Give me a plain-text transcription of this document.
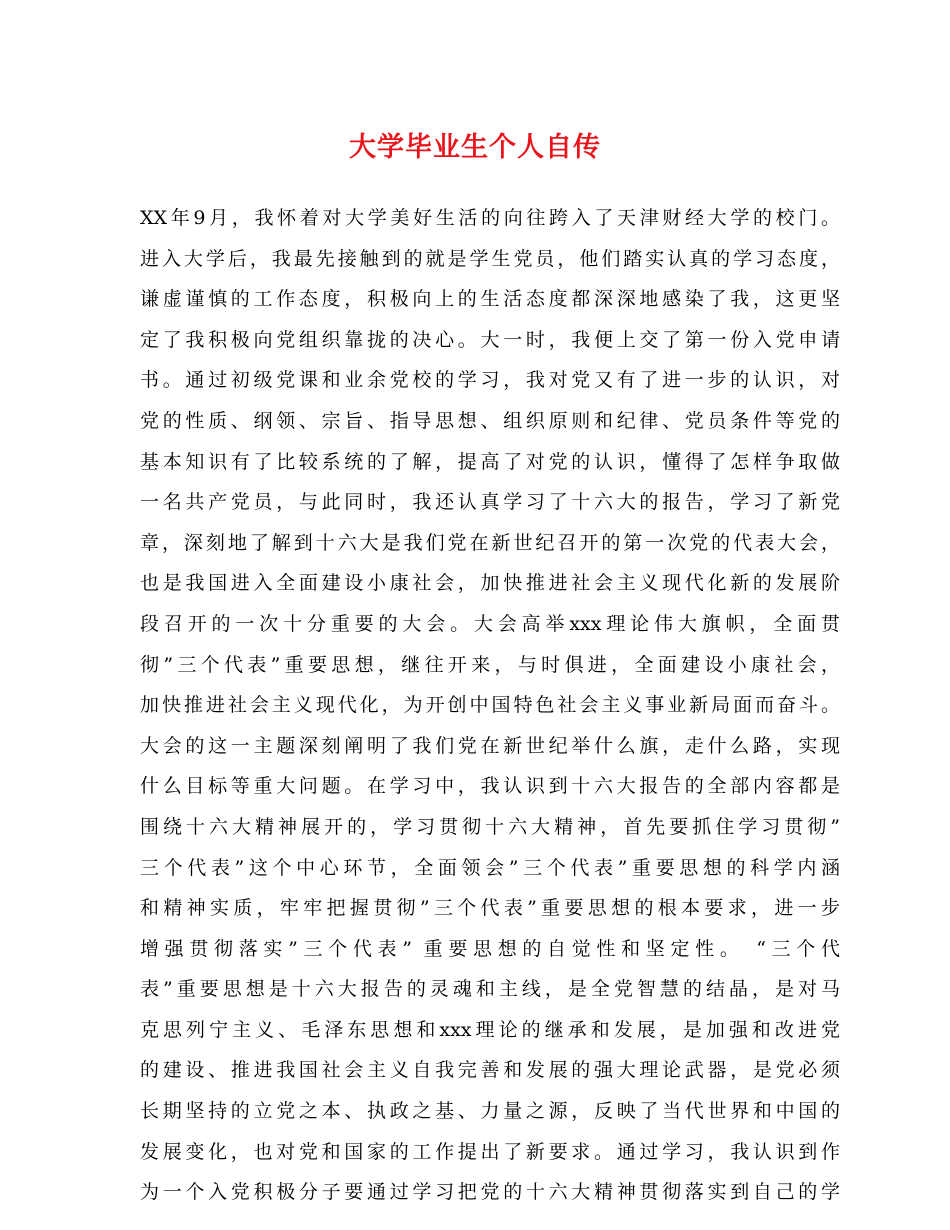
大学毕业生个人自传
XX年9月，我怀着对大学美好生活的向往跨入了天津财经大学的校门。
进入大学后，我最先接触到的就是学生党员，他们踏实认真的学习态度，
谦虚谨慎的工作态度，积极向上的生活态度都深深地感染了我，这更坚
定了我积极向党组织靠拢的决心。大一时，我便上交了第一份入党申请
书。通过初级党课和业余党校的学习，我对党又有了进一步的认识，对
党的性质、纲领、宗旨、指导思想、组织原则和纪律、党员条件等党的
基本知识有了比较系统的了解，提高了对党的认识，懂得了怎样争取做
一名共产党员，与此同时，我还认真学习了十六大的报告，学习了新党
章，深刻地了解到十六大是我们党在新世纪召开的第一次党的代表大会，
也是我国进入全面建设小康社会，加快推进社会主义现代化新的发展阶
段召开的一次十分重要的大会。大会高举xxx理论伟大旗帜，全面贯
彻”三个代表”重要思想，继往开来，与时俱进，全面建设小康社会，
加快推进社会主义现代化，为开创中国特色社会主义事业新局面而奋斗。
大会的这一主题深刻阐明了我们党在新世纪举什么旗，走什么路，实现
什么目标等重大问题。在学习中，我认识到十六大报告的全部内容都是
围绕十六大精神展开的，学习贯彻十六大精神，首先要抓住学习贯彻”
三个代表”这个中心环节，全面领会”三个代表”重要思想的科学内涵
和精神实质，牢牢把握贯彻”三个代表”重要思想的根本要求，进一步
增强贯彻落实”三个代表” 重要思想的自觉性和坚定性。 “三个代
表”重要思想是十六大报告的灵魂和主线，是全党智慧的结晶，是对马
克思列宁主义、毛泽东思想和xxx理论的继承和发展，是加强和改进党
的建设、推进我国社会主义自我完善和发展的强大理论武器，是党必须
长期坚持的立党之本、执政之基、力量之源，反映了当代世界和中国的
发展变化，也对党和国家的工作提出了新要求。通过学习，我认识到作
为一个入党积极分子要通过学习把党的十六大精神贯彻落实到自己的学
